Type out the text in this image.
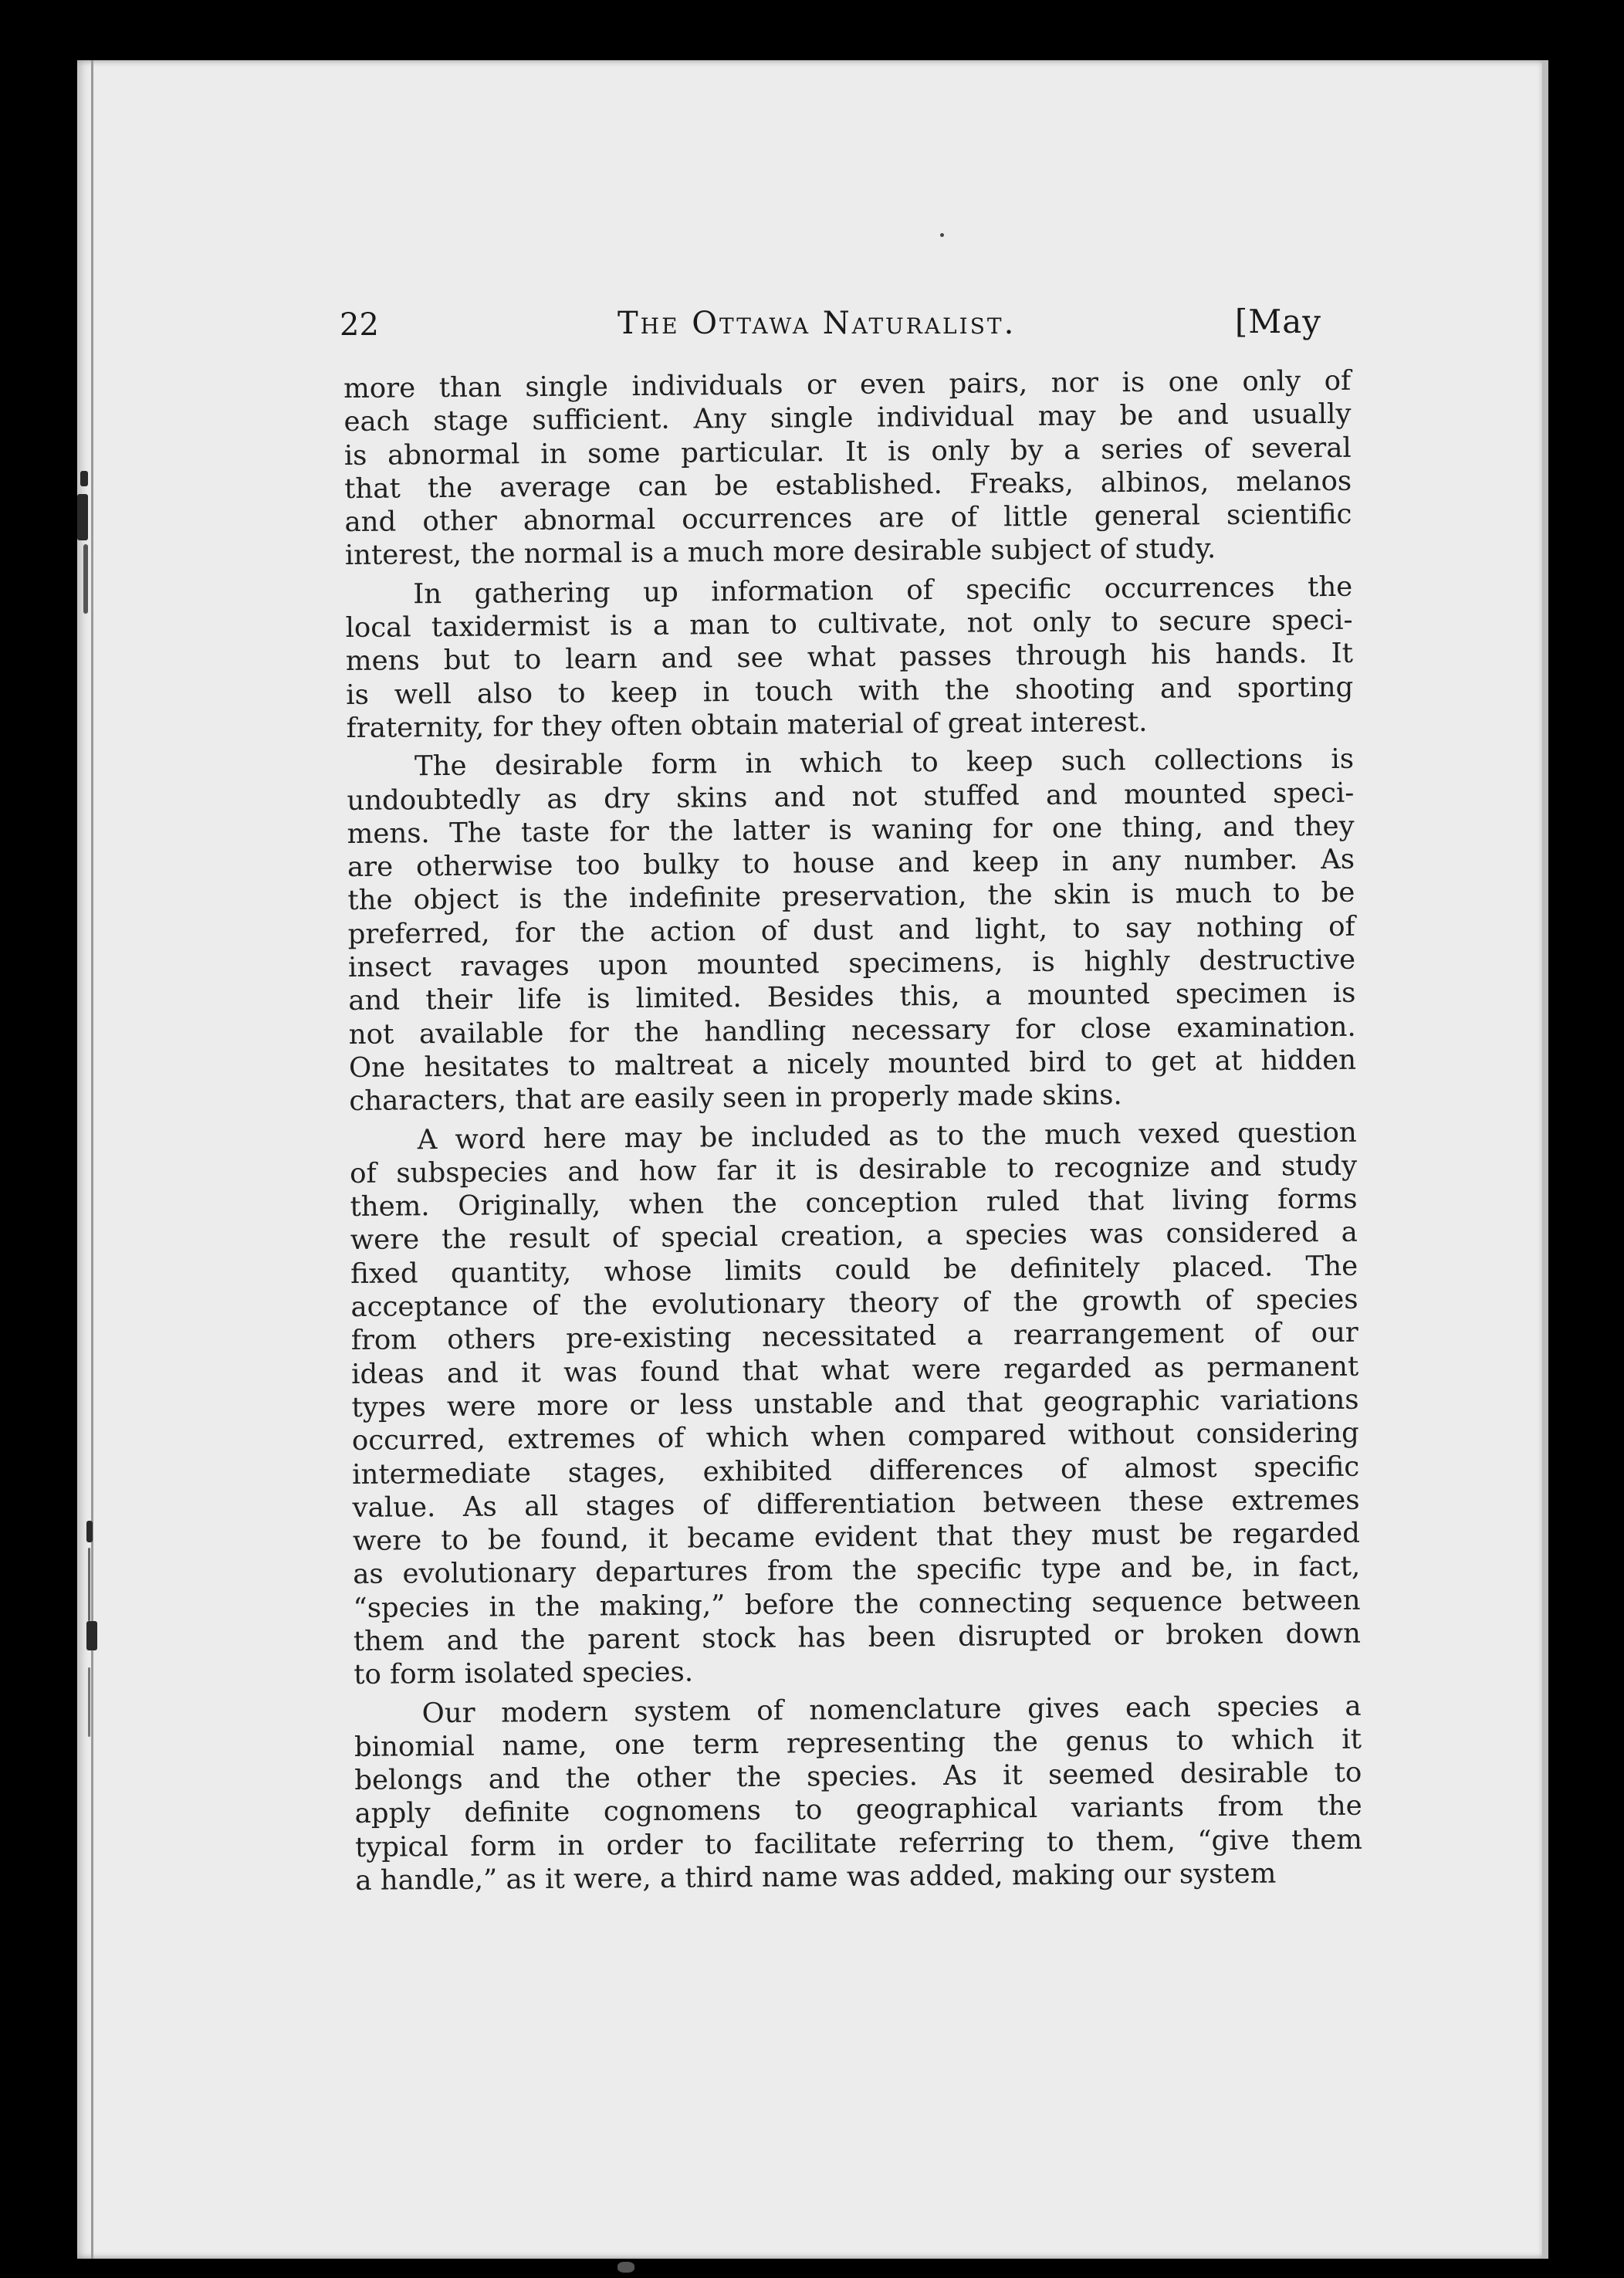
22	The Ottawa Naturalist.	[May
more than single individuals or even pairs, nor is one only of
each stage sufficient. Any single individual may be and usually
is abnormal in some particular. It is only by a series of several
that the average can be established. Freaks, albinos, melanos
and other abnormal occurrences are of little general scientific
interest, the normal is a much more desirable subject of study.
In gathering up information of specific occurrences the
local taxidermist is a man to cultivate, not only to secure speci-
mens but to learn and see what passes through his hands. It
is well also to keep in touch with the shooting and sporting
fraternity, for they often obtain material of great interest.
The desirable form in which to keep such collections is
undoubtedly as dry skins and not stuffed and mounted speci-
mens. The taste for the latter is waning for one thing, and they
are otherwise too bulky to house and keep in any number. As
the object is the indefinite preservation, the skin is much to be
preferred, for the action of dust and light, to say nothing of
insect ravages upon mounted specimens, is highly destructive
and their life is limited. Besides this, a mounted specimen is
not available for the handling necessary for close examination.
One hesitates to maltreat a nicely mounted bird to get at hidden
characters, that are easily seen in properly made skins.
A word here may be included as to the much vexed question
of subspecies and how far it is desirable to recognize and study
them. Originally, when the conception ruled that living forms
were the result of special creation, a species was considered a
fixed quantity, whose limits could be definitely placed. The
acceptance of the evolutionary theory of the growth of species
from others pre-existing necessitated a rearrangement of our
ideas and it was found that what were regarded as permanent
types were more or less unstable and that geographic variations
occurred, extremes of which when compared without considering
intermediate stages, exhibited differences of almost specific
value. As all stages of differentiation between these extremes
were to be found, it became evident that they must be regarded
as evolutionary departures from the specific type and be, in fact,
“species in the making,” before the connecting sequence between
them and the parent stock has been disrupted or broken down
to form isolated species.
Our modern system of nomenclature gives each species a
binomial name, one term representing the genus to which it
belongs and the other the species. As it seemed desirable to
apply definite cognomens to geographical variants from the
typical form in order to facilitate referring to them, “give them
a handle,” as it were, a third name was added, making our system
